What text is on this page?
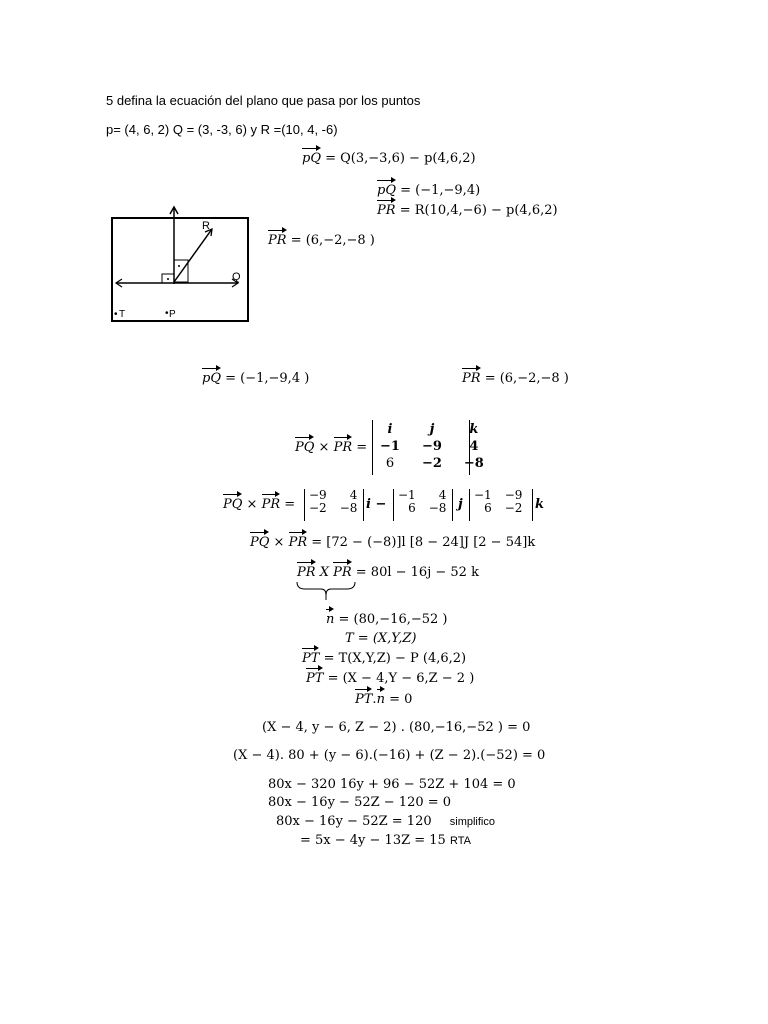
5 defina la ecuación del plano que pasa por los puntos
p= (4, 6, 2) Q = (3, -3, 6) y R =(10, 4, -6)
pQ = Q(3,−3,6) − p(4,6,2)
pQ = (−1,−9,4)
PR = R(10,4,−6) − p(4,6,2)
PR = (6,−2,−8 )
R
Q
• T	• P
pQ = (−1,−9,4 )	PR = (6,−2,−8 )
PQ × PR =
i	j	k
−1	−9	4
6	−2	−8
PQ × PR =
−9	4
−2	−8 i −
−1	4
6	−8 j
−1	−9
6	−2 k
PQ × PR = [72 − (−8)]l [8 − 24]J [2 − 54]k
PR X PR = 80l − 16j − 52 k
n = (80,−16,−52 )
T = (X,Y,Z)
PT = T(X,Y,Z) − P (4,6,2)
PT = (X − 4,Y − 6,Z − 2 )
PT.n = 0
(X − 4, y − 6, Z − 2) . (80,−16,−52 ) = 0
(X − 4). 80 + (y − 6).(−16) + (Z − 2).(−52) = 0
80x − 320 16y + 96 − 52Z + 104 = 0
80x − 16y − 52Z − 120 = 0
80x − 16y − 52Z = 120 simplifico
= 5x − 4y − 13Z = 15 RTA
